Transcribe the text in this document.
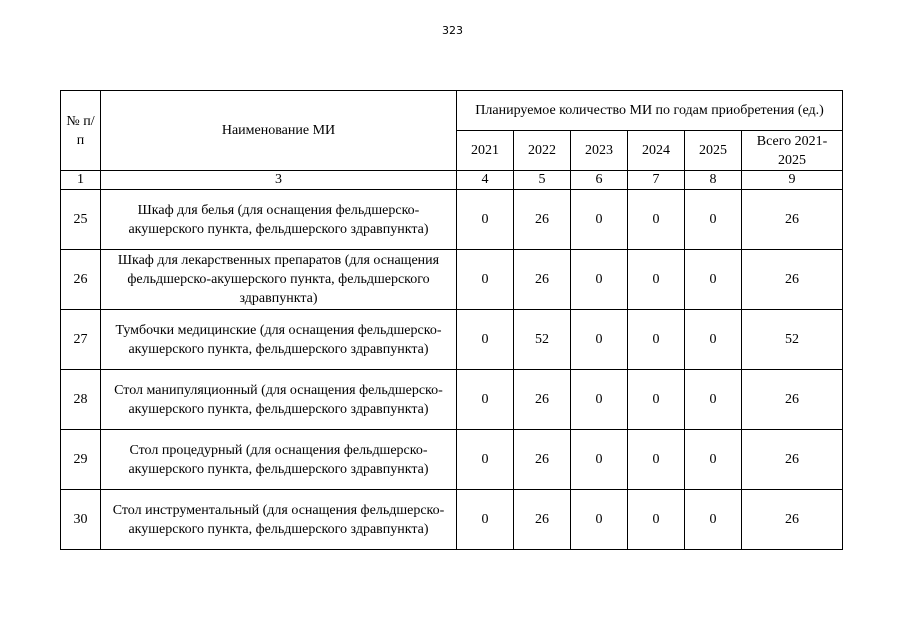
323
№ п/п	Наименование МИ	Планируемое количество МИ по годам приобретения (ед.)					
		2021	2022	2023	2024	2025	Всего 2021-2025
1	3	4	5	6	7	8	9
25	Шкаф для белья (для оснащения фельдшерско-акушерского пункта, фельдшерского здравпункта)	0	26	0	0	0	26
26	Шкаф для лекарственных препаратов (для оснащения фельдшерско-акушерского пункта, фельдшерского здравпункта)	0	26	0	0	0	26
27	Тумбочки медицинские (для оснащения фельдшерско-акушерского пункта, фельдшерского здравпункта)	0	52	0	0	0	52
28	Стол манипуляционный (для оснащения фельдшерско-акушерского пункта, фельдшерского здравпункта)	0	26	0	0	0	26
29	Стол процедурный (для оснащения фельдшерско-акушерского пункта, фельдшерского здравпункта)	0	26	0	0	0	26
30	Стол инструментальный (для оснащения фельдшерско-акушерского пункта, фельдшерского здравпункта)	0	26	0	0	0	26
